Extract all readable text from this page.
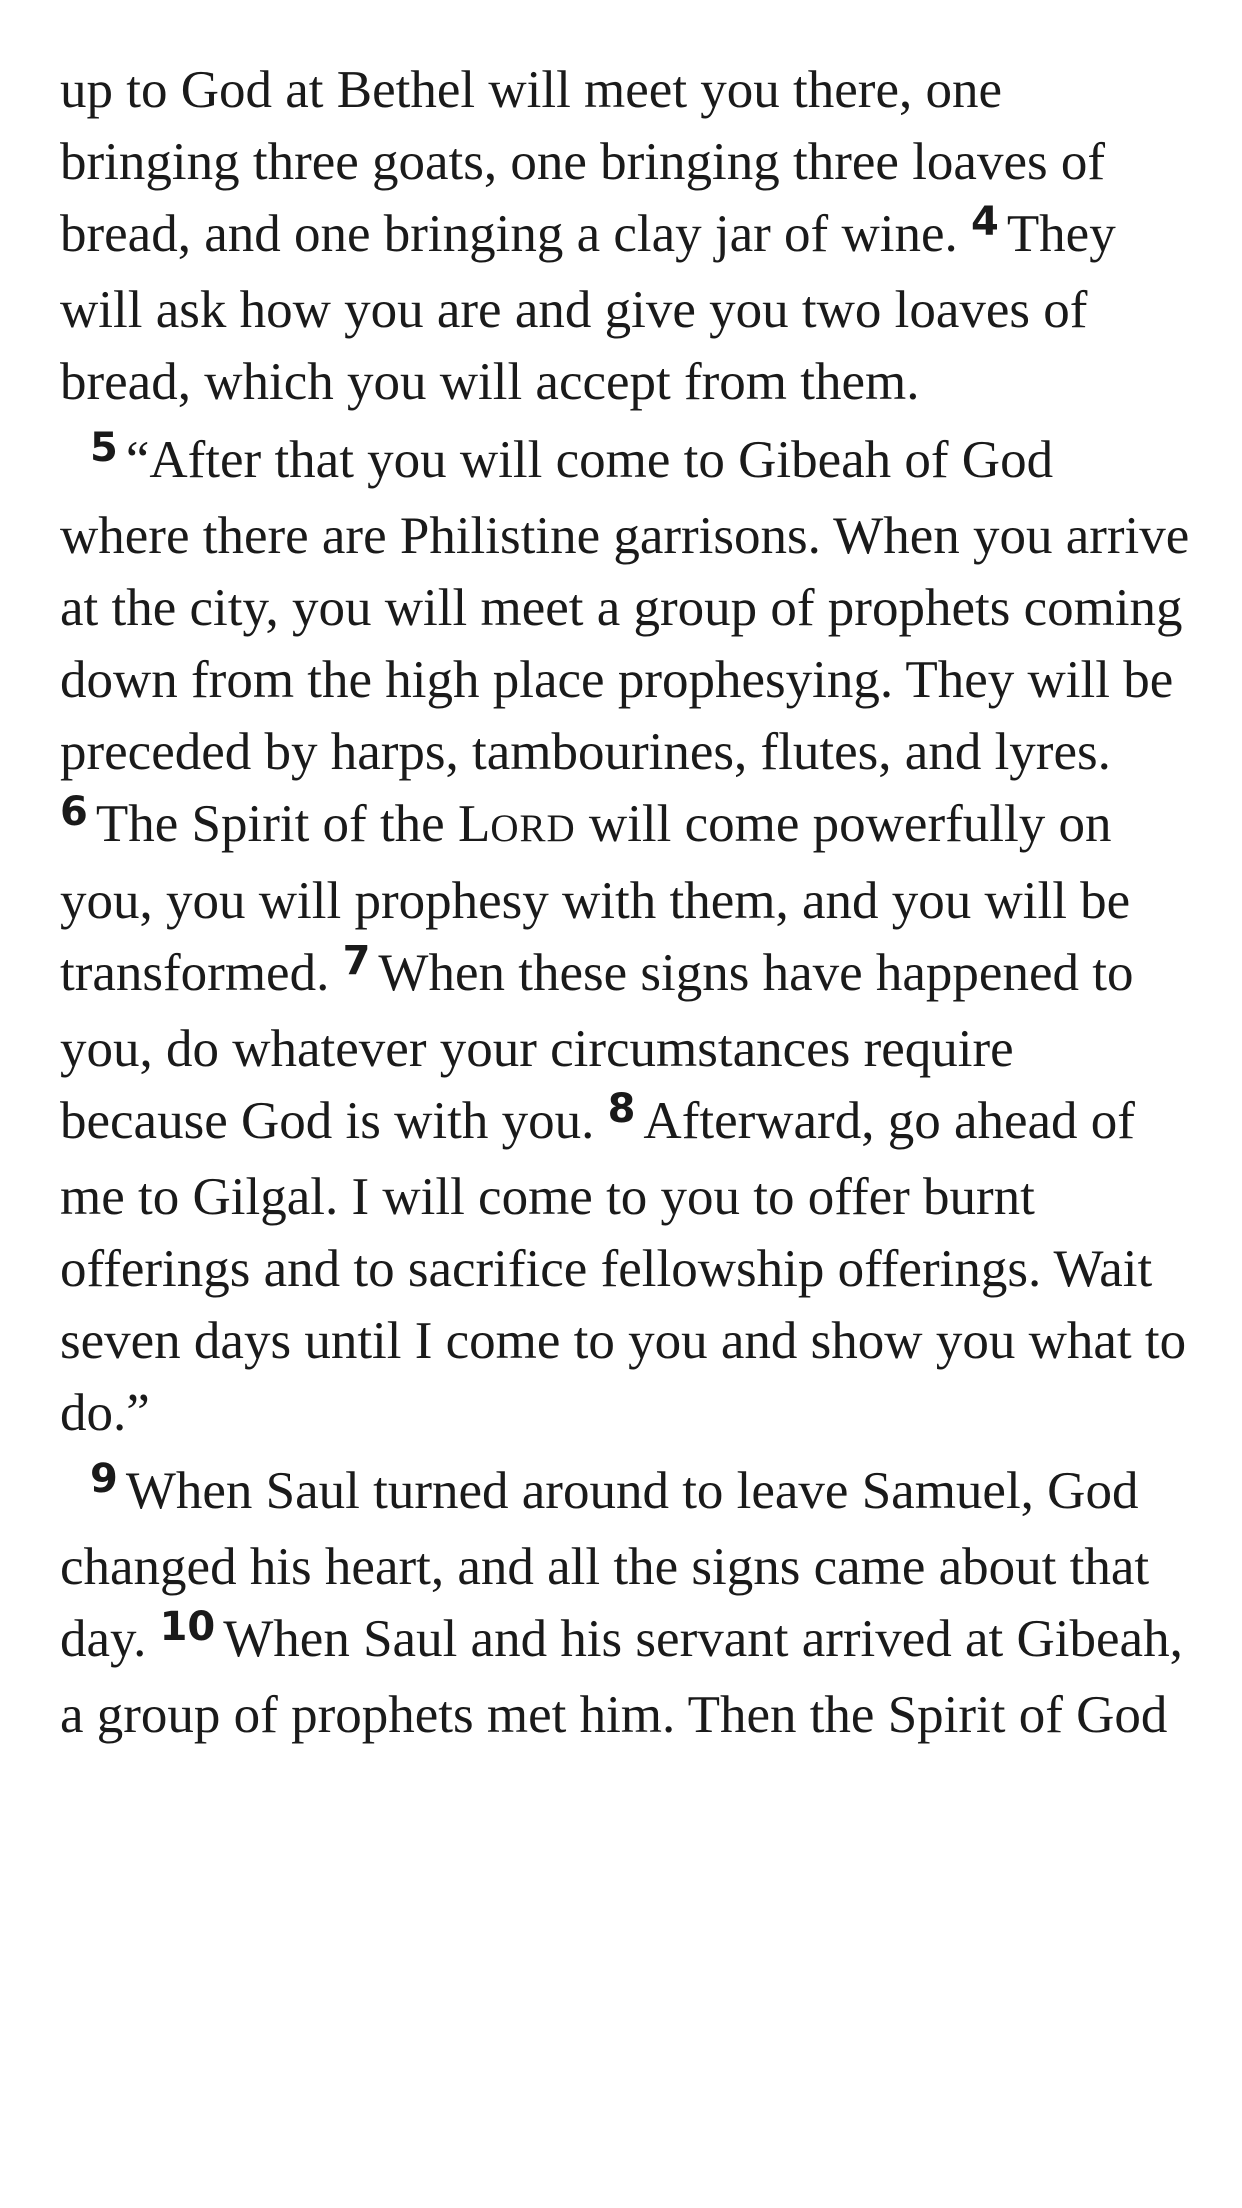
up to God at Bethel will meet you there, one bringing three goats, one bringing three loaves of bread, and one bringing a clay jar of wine. $^4$ They will ask how you are and give you two loaves of bread, which you will accept from them.

$^5$ “After that you will come to Gibeah of God where there are Philistine garrisons. When you arrive at the city, you will meet a group of prophets coming down from the high place prophesying. They will be preceded by harps, tambourines, flutes, and lyres. $^6$ The Spirit of the LORD will come powerfully on you, you will prophesy with them, and you will be transformed. $^7$ When these signs have happened to you, do whatever your circumstances require because God is with you. $^8$ Afterward, go ahead of me to Gilgal. I will come to you to offer burnt offerings and to sacrifice fellowship offerings. Wait seven days until I come to you and show you what to do.”

$^9$ When Saul turned around to leave Samuel, God changed his heart, and all the signs came about that day. $^{10}$ When Saul and his servant arrived at Gibeah, a group of prophets met him. Then the Spirit of God
